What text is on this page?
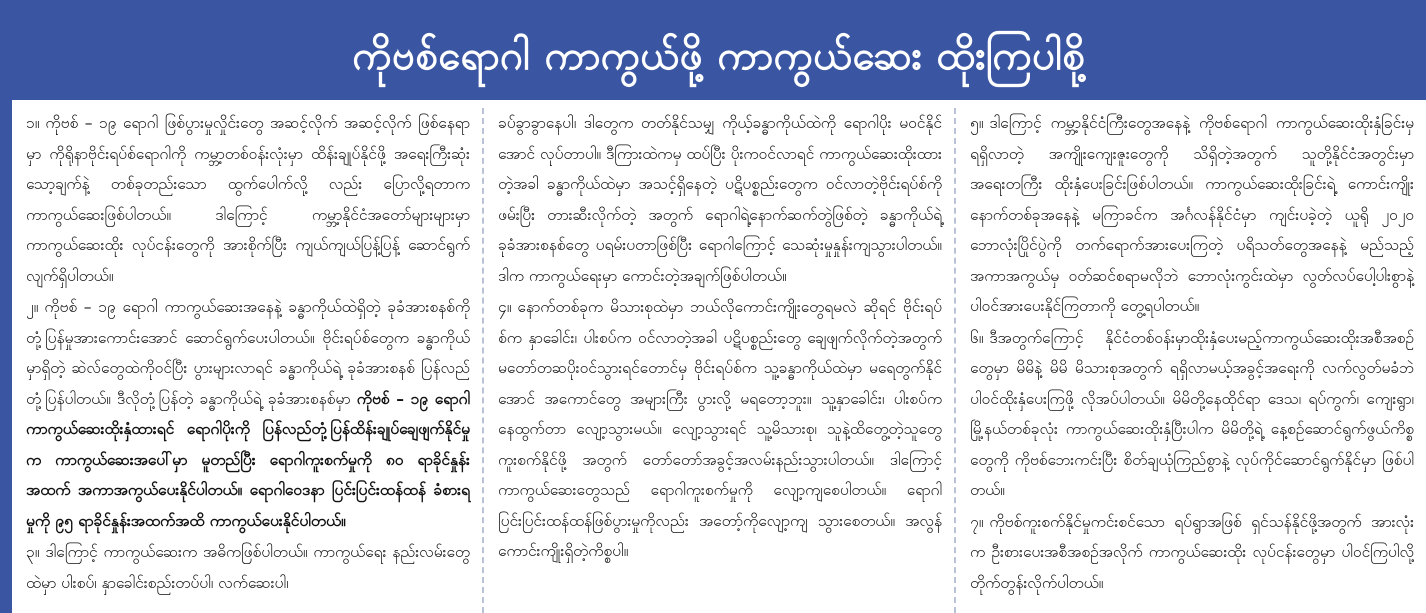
ကိုဗစ်ရောဂါ ကာကွယ်ဖို့ ကာကွယ်ဆေး ထိုးကြပါစို့

၁။ ကိုဗစ် – ၁၉ ရောဂါ ဖြစ်ပွားမှုလှိုင်းတွေ အဆင့်လိုက် အဆင့်လိုက် ဖြစ်နေရာမှာ ကိုရိုနာဗိုင်းရပ်စ်ရောဂါကို ကမ္ဘာ့တစ်ဝန်းလုံးမှာ ထိန်းချုပ်နိုင်ဖို့ အရေးကြီးဆုံးသော့ချက်နဲ့ တစ်ခုတည်းသော ထွက်ပေါက်လို့ လည်း ပြောလို့ရတာက ကာကွယ်ဆေးဖြစ်ပါတယ်။ ဒါကြောင့် ကမ္ဘာ့နိုင်ငံအတော်များများမှာ ကာကွယ်ဆေးထိုး လုပ်ငန်းတွေကို အားစိုက်ပြီး ကျယ်ကျယ်ပြန့်ပြန့် ဆောင်ရွက်လျက်ရှိပါတယ်။

၂။ ကိုဗစ် – ၁၉ ရောဂါ ကာကွယ်ဆေးအနေနဲ့ ခန္ဓာကိုယ်ထဲရှိတဲ့ ခုခံအားစနစ်ကို တုံ့ပြန်မှုအားကောင်းအောင် ဆောင်ရွက်ပေးပါတယ်။ ဗိုင်းရပ်စ်တွေက ခန္ဓာကိုယ်မှာရှိတဲ့ ဆဲလ်တွေထဲကိုဝင်ပြီး ပွားများလာရင် ခန္ဓာကိုယ်ရဲ့ ခုခံအားစနစ် ပြန်လည်တုံ့ပြန်ပါတယ်။ ဒီလိုတုံ့ပြန်တဲ့ ခန္ဓာကိုယ်ရဲ့ ခုခံအားစနစ်မှာ ကိုဗစ် – ၁၉ ရောဂါ ကာကွယ်ဆေးထိုးနှံထားရင် ရောဂါပိုးကို ပြန်လည်တုံ့ပြန်ထိန်းချုပ်ချေဖျက်နိုင်မှုက ကာကွယ်ဆေးအပေါ်မှာ မူတည်ပြီး ရောဂါကူးစက်မှုကို ၈၀ ရာခိုင်နှုန်းအထက် အကာအကွယ်ပေးနိုင်ပါတယ်။ ရောဂါဝေဒနာ ပြင်းပြင်းထန်ထန် ခံစားရမှုကို ၉၅ ရာခိုင်နှုန်းအထက်အထိ ကာကွယ်ပေးနိုင်ပါတယ်။

၃။ ဒါကြောင့် ကာကွယ်ဆေးက အဓိကဖြစ်ပါတယ်။ ကာကွယ်ရေး နည်းလမ်းတွေထဲမှာ ပါးစပ်၊ နှာခေါင်းစည်းတပ်ပါ၊ လက်ဆေးပါ၊

ခပ်ခွာခွာနေပါ၊ ဒါတွေက တတ်နိုင်သမျှ ကိုယ့်ခန္ဓာကိုယ်ထဲကို ရောဂါပိုး မဝင်နိုင်အောင် လုပ်တာပါ။ ဒီကြားထဲကမှ ထပ်ပြီး ပိုးကဝင်လာရင် ကာကွယ်ဆေးထိုးထားတဲ့အခါ ခန္ဓာကိုယ်ထဲမှာ အသင့်ရှိနေတဲ့ ပဋိပစ္စည်းတွေက ဝင်လာတဲ့ဗိုင်းရပ်စ်ကိုဖမ်းပြီး တားဆီးလိုက်တဲ့ အတွက် ရောဂါရဲ့နောက်ဆက်တွဲဖြစ်တဲ့ ခန္ဓာကိုယ်ရဲ့ ခုခံအားစနစ်တွေ ပရမ်းပတာဖြစ်ပြီး ရောဂါကြောင့် သေဆုံးမှုနှုန်းကျသွားပါတယ်။ ဒါက ကာကွယ်ရေးမှာ ကောင်းတဲ့အချက်ဖြစ်ပါတယ်။

၄။ နောက်တစ်ခုက မိသားစုထဲမှာ ဘယ်လိုကောင်းကျိုးတွေရမလဲ ဆိုရင် ဗိုင်းရပ်စ်က နှာခေါင်း၊ ပါးစပ်က ဝင်လာတဲ့အခါ ပဋိပစ္စည်းတွေ ချေဖျက်လိုက်တဲ့အတွက် မတော်တဆပိုးဝင်သွားရင်တောင်မှ ဗိုင်းရပ်စ်က သူ့ခန္ဓာကိုယ်ထဲမှာ မရေတွက်နိုင်အောင် အကောင်တွေ အများကြီး ပွားလို့ မရတော့ဘူး။ သူ့နှာခေါင်း၊ ပါးစပ်ကနေထွက်တာ လျော့သွားမယ်။ လျော့သွားရင် သူ့မိသားစု၊ သူနဲ့ထိတွေ့တဲ့သူတွေ ကူးစက်နိုင်ဖို့ အတွက် တော်တော်အခွင့်အလမ်းနည်းသွားပါတယ်။ ဒါကြောင့် ကာကွယ်ဆေးတွေသည် ရောဂါကူးစက်မှုကို လျော့ကျစေပါတယ်။ ရောဂါပြင်းပြင်းထန်ထန်ဖြစ်ပွားမှုကိုလည်း အတော့်ကိုလျော့ကျ သွားစေတယ်။ အလွန်ကောင်းကျိုးရှိတဲ့ကိစ္စပါ။

၅။ ဒါကြောင့် ကမ္ဘာ့နိုင်ငံကြီးတွေအနေနဲ့ ကိုဗစ်ရောဂါ ကာကွယ်ဆေးထိုးနှံခြင်းမှ ရရှိလာတဲ့ အကျိုးကျေးဇူးတွေကို သိရှိတဲ့အတွက် သူတို့နိုင်ငံအတွင်းမှာ အရေးတကြီး ထိုးနှံပေးခြင်းဖြစ်ပါတယ်။ ကာကွယ်ဆေးထိုးခြင်းရဲ့ ကောင်းကျိုးနောက်တစ်ခုအနေနဲ့ မကြာခင်က အင်္ဂလန်နိုင်ငံမှာ ကျင်းပခဲ့တဲ့ ယူရို ၂၀၂၀ ဘောလုံးပြိုင်ပွဲကို တက်ရောက်အားပေးကြတဲ့ ပရိသတ်တွေအနေနဲ့ မည်သည့်အကာအကွယ်မှ ဝတ်ဆင်စရာမလိုဘဲ ဘောလုံးကွင်းထဲမှာ လွတ်လပ်ပေါ့ပါးစွာနဲ့ ပါဝင်အားပေးနိုင်ကြတာကို တွေ့ရပါတယ်။

၆။ ဒီအတွက်ကြောင့် နိုင်ငံတစ်ဝန်းမှာထိုးနှံပေးမည့်ကာကွယ်ဆေးထိုးအစီအစဉ်တွေမှာ မိမိနဲ့ မိမိ မိသားစုအတွက် ရရှိလာမယ့်အခွင့်အရေးကို လက်လွတ်မခံဘဲ ပါဝင်ထိုးနှံပေးကြဖို့ လိုအပ်ပါတယ်။ မိမိတို့နေထိုင်ရာ ဒေသ၊ ရပ်ကွက်၊ ကျေးရွာ၊ မြို့နယ်တစ်ခုလုံး ကာကွယ်ဆေးထိုးနှံပြီးပါက မိမိတို့ရဲ့ နေ့စဉ်ဆောင်ရွက်ဖွယ်ကိစ္စတွေကို ကိုဗစ်ဘေးကင်းပြီး စိတ်ချယုံကြည်စွာနဲ့ လုပ်ကိုင်ဆောင်ရွက်နိုင်မှာ ဖြစ်ပါတယ်။

၇။ ကိုဗစ်ကူးစက်နိုင်မှုကင်းစင်သော ရပ်ရွာအဖြစ် ရှင်သန်နိုင်ဖို့အတွက် အားလုံးက ဦးစားပေးအစီအစဉ်အလိုက် ကာကွယ်ဆေးထိုး လုပ်ငန်းတွေမှာ ပါဝင်ကြပါလို့ တိုက်တွန်းလိုက်ပါတယ်။
